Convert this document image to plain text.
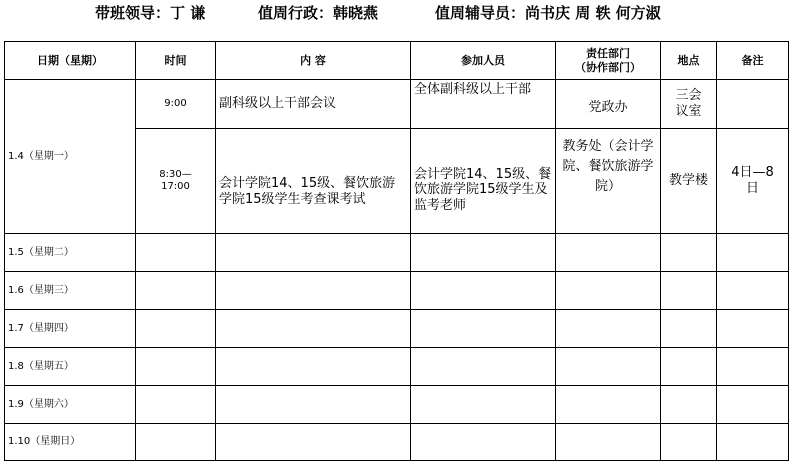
带班领导：丁 谦	值周行政：韩晓燕	值周辅导员：尚书庆 周 轶 何方淑
日期（星期）	时间	内 容	参加人员	责任部门
（协作部门）	地点	备注
1.4（星期一）	9:00	副科级以上干部会议	全体副科级以上干部	党政办	三会议室	
	8:30—17:00	会计学院14、15级、餐饮旅游学院15级学生考查课考试	会计学院14、15级、餐饮旅游学院15级学生及监考老师	教务处（会计学院、餐饮旅游学院）	教学楼	4日—8日
1.5（星期二）						
1.6（星期三）						
1.7（星期四）						
1.8（星期五）						
1.9（星期六）						
1.10（星期日）						
